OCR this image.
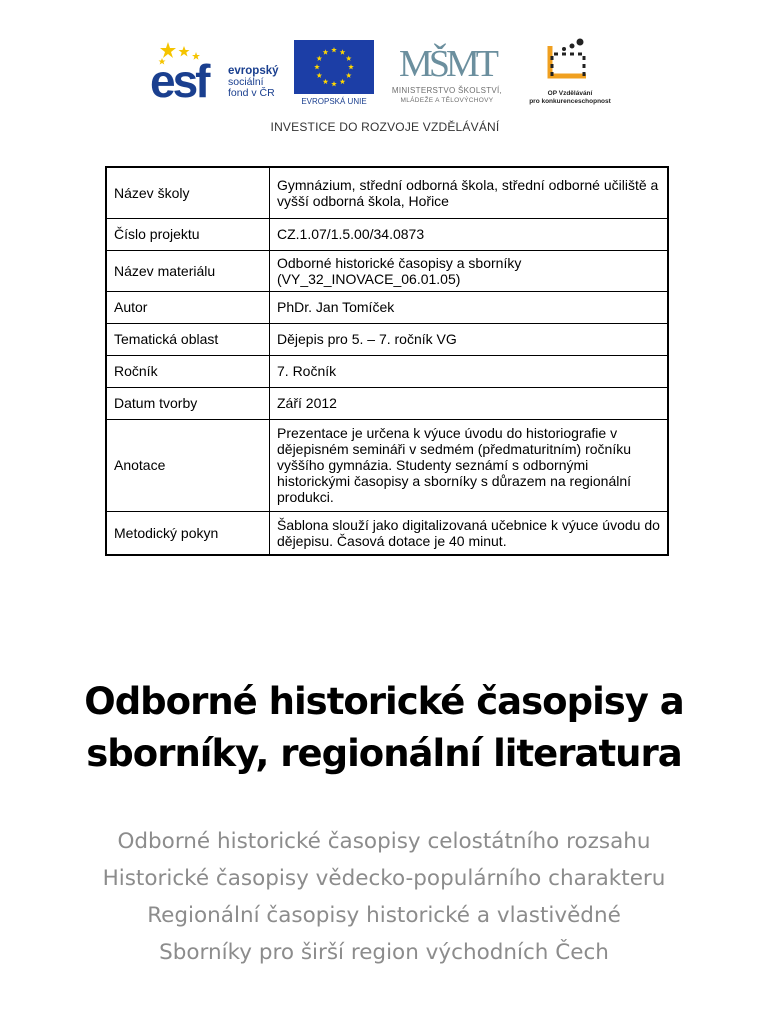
esf evropský
sociální
fond v ČR
EVROPSKÁ UNIE
MŠMT
MINISTERSTVO ŠKOLSTVÍ,
MLÁDEŽE A TĚLOVÝCHOVY
OP Vzdělávání
pro konkurenceschopnost
INVESTICE DO ROZVOJE VZDĚLÁVÁNÍ
Název školy	Gymnázium, střední odborná škola, střední odborné učiliště a vyšší odborná škola, Hořice
Číslo projektu	CZ.1.07/1.5.00/34.0873
Název materiálu	Odborné historické časopisy a sborníky (VY_32_INOVACE_06.01.05)
Autor	PhDr. Jan Tomíček
Tematická oblast	Dějepis pro 5. – 7. ročník VG
Ročník	7. Ročník
Datum tvorby	Září 2012
Anotace	Prezentace je určena k výuce úvodu do historiografie v dějepisném semináři v sedmém (předmaturitním) ročníku vyššího gymnázia. Studenty seznámí s odbornými historickými časopisy a sborníky s důrazem na regionální produkci.
Metodický pokyn	Šablona slouží jako digitalizovaná učebnice k výuce úvodu do dějepisu. Časová dotace je 40 minut.
Odborné historické časopisy a sborníky, regionální literatura
Odborné historické časopisy celostátního rozsahu
Historické časopisy vědecko-populárního charakteru
Regionální časopisy historické a vlastivědné
Sborníky pro širší region východních Čech
